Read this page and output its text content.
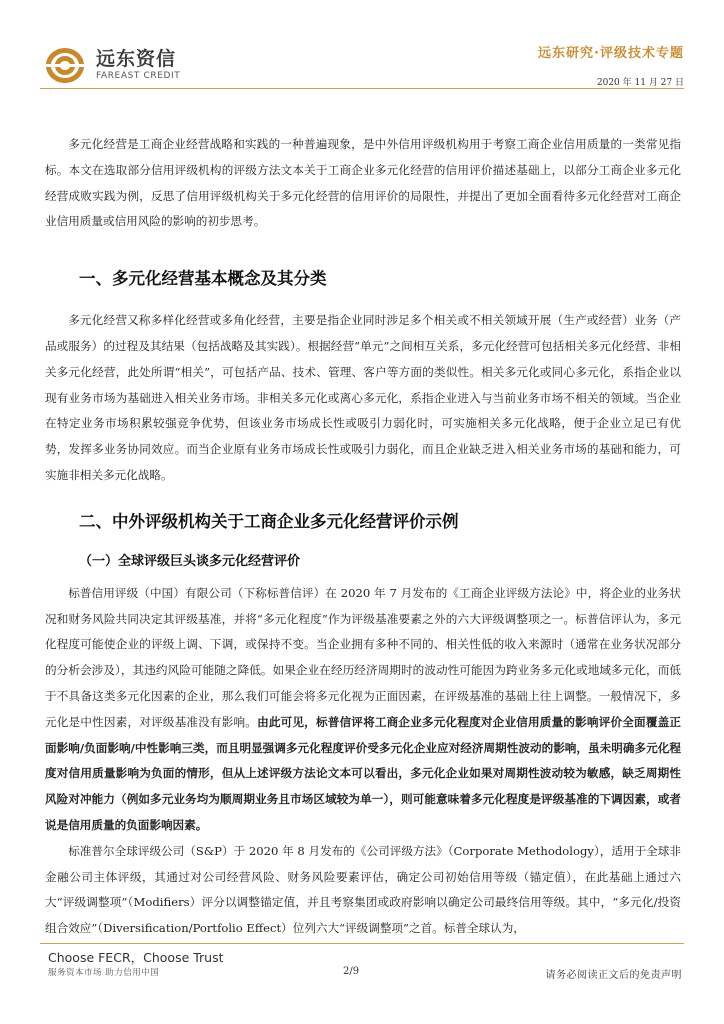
远东资信
FAREAST CREDIT
远东研究·评级技术专题
2020 年 11 月 27 日

多元化经营是工商企业经营战略和实践的一种普遍现象，是中外信用评级机构用于考察工商企业信用质量的一类常见指标。本文在选取部分信用评级机构的评级方法文本关于工商企业多元化经营的信用评价描述基础上，以部分工商企业多元化经营成败实践为例，反思了信用评级机构关于多元化经营的信用评价的局限性，并提出了更加全面看待多元化经营对工商企业信用质量或信用风险的影响的初步思考。

一、多元化经营基本概念及其分类

多元化经营又称多样化经营或多角化经营，主要是指企业同时涉足多个相关或不相关领域开展（生产或经营）业务（产品或服务）的过程及其结果（包括战略及其实践）。根据经营“单元”之间相互关系，多元化经营可包括相关多元化经营、非相关多元化经营，此处所谓“相关”，可包括产品、技术、管理、客户等方面的类似性。相关多元化或同心多元化，系指企业以现有业务市场为基础进入相关业务市场。非相关多元化或离心多元化，系指企业进入与当前业务市场不相关的领域。当企业在特定业务市场积累较强竞争优势，但该业务市场成长性或吸引力弱化时，可实施相关多元化战略，便于企业立足已有优势，发挥多业务协同效应。而当企业原有业务市场成长性或吸引力弱化，而且企业缺乏进入相关业务市场的基础和能力，可实施非相关多元化战略。

二、中外评级机构关于工商企业多元化经营评价示例
（一）全球评级巨头谈多元化经营评价

标普信用评级（中国）有限公司（下称标普信评）在 2020 年 7 月发布的《工商企业评级方法论》中，将企业的业务状况和财务风险共同决定其评级基准，并将“多元化程度”作为评级基准要素之外的六大评级调整项之一。标普信评认为，多元化程度可能使企业的评级上调、下调，或保持不变。当企业拥有多种不同的、相关性低的收入来源时（通常在业务状况部分的分析会涉及），其违约风险可能随之降低。如果企业在经历经济周期时的波动性可能因为跨业务多元化或地域多元化，而低于不具备这类多元化因素的企业，那么我们可能会将多元化视为正面因素，在评级基准的基础上往上调整。一般情况下，多元化是中性因素，对评级基准没有影响。由此可见，标普信评将工商企业多元化程度对企业信用质量的影响评价全面覆盖正面影响/负面影响/中性影响三类，而且明显强调多元化程度评价受多元化企业应对经济周期性波动的影响，虽未明确多元化程度对信用质量影响为负面的情形，但从上述评级方法论文本可以看出，多元化企业如果对周期性波动较为敏感，缺乏周期性风险对冲能力（例如多元业务均为顺周期业务且市场区域较为单一），则可能意味着多元化程度是评级基准的下调因素，或者说是信用质量的负面影响因素。

标准普尔全球评级公司（S&P）于 2020 年 8 月发布的《公司评级方法》（Corporate Methodology），适用于全球非金融公司主体评级，其通过对公司经营风险、财务风险要素评估，确定公司初始信用等级（锚定值），在此基础上通过六大“评级调整项”（Modifiers）评分以调整锚定值，并且考察集团或政府影响以确定公司最终信用等级。其中，“多元化/投资组合效应”（Diversification/Portfolio Effect）位列六大“评级调整项”之首。标普全球认为，

Choose FECR，Choose Trust
服务资本市场 助力信用中国	2/9	请务必阅读正文后的免责声明
